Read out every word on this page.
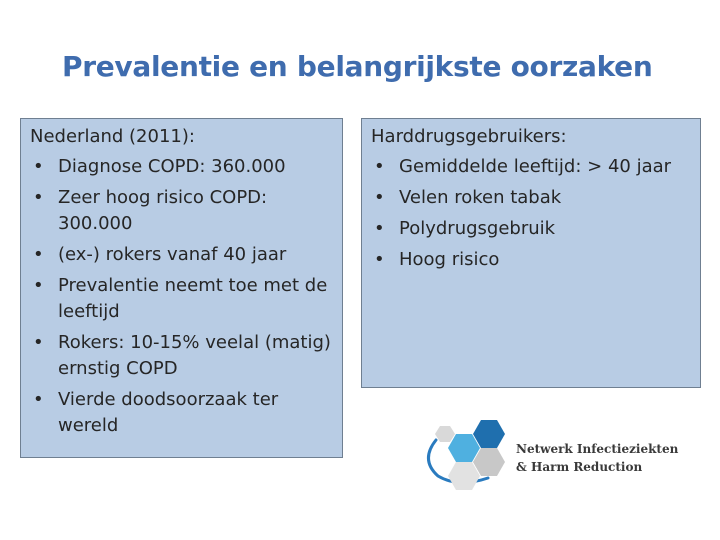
Prevalentie en belangrijkste oorzaken
Nederland (2011):
• Diagnose COPD: 360.000
• Zeer hoog risico COPD: 300.000
• (ex-) rokers vanaf 40 jaar
• Prevalentie neemt toe met de leeftijd
• Rokers: 10-15% veelal (matig) ernstig COPD
• Vierde doodsoorzaak ter wereld
Harddrugsgebruikers:
• Gemiddelde leeftijd: > 40 jaar
• Velen roken tabak
• Polydrugsgebruik
• Hoog risico
Netwerk Infectieziekten
& Harm Reduction
